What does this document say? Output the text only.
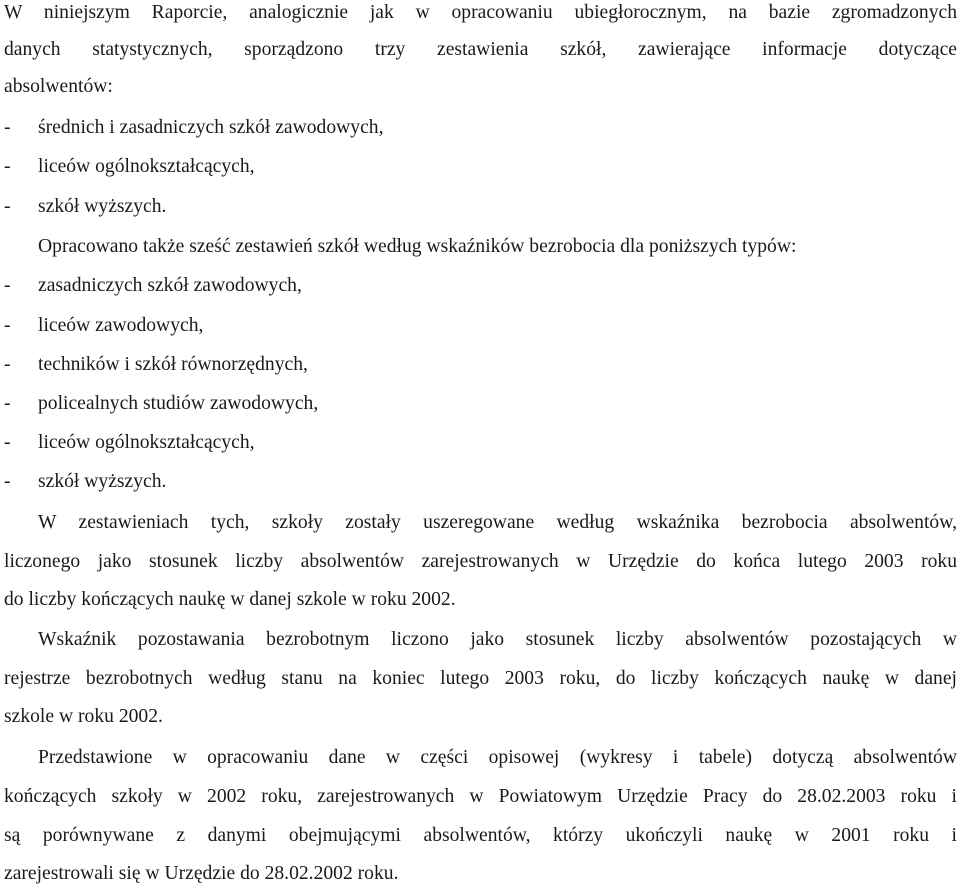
W niniejszym Raporcie, analogicznie jak w opracowaniu ubiegłorocznym, na bazie zgromadzonych
danych statystycznych, sporządzono trzy zestawienia szkół, zawierające informacje dotyczące
absolwentów:
- średnich i zasadniczych szkół zawodowych,
- liceów ogólnokształcących,
- szkół wyższych.
Opracowano także sześć zestawień szkół według wskaźników bezrobocia dla poniższych typów:
- zasadniczych szkół zawodowych,
- liceów zawodowych,
- techników i szkół równorzędnych,
- policealnych studiów zawodowych,
- liceów ogólnokształcących,
- szkół wyższych.
W zestawieniach tych, szkoły zostały uszeregowane według wskaźnika bezrobocia absolwentów,
liczonego jako stosunek liczby absolwentów zarejestrowanych w Urzędzie do końca lutego 2003 roku
do liczby kończących naukę w danej szkole w roku 2002.
Wskaźnik pozostawania bezrobotnym liczono jako stosunek liczby absolwentów pozostających w
rejestrze bezrobotnych według stanu na koniec lutego 2003 roku, do liczby kończących naukę w danej
szkole w roku 2002.
Przedstawione w opracowaniu dane w części opisowej (wykresy i tabele) dotyczą absolwentów
kończących szkoły w 2002 roku, zarejestrowanych w Powiatowym Urzędzie Pracy do 28.02.2003 roku i
są porównywane z danymi obejmującymi absolwentów, którzy ukończyli naukę w 2001 roku i
zarejestrowali się w Urzędzie do 28.02.2002 roku.
